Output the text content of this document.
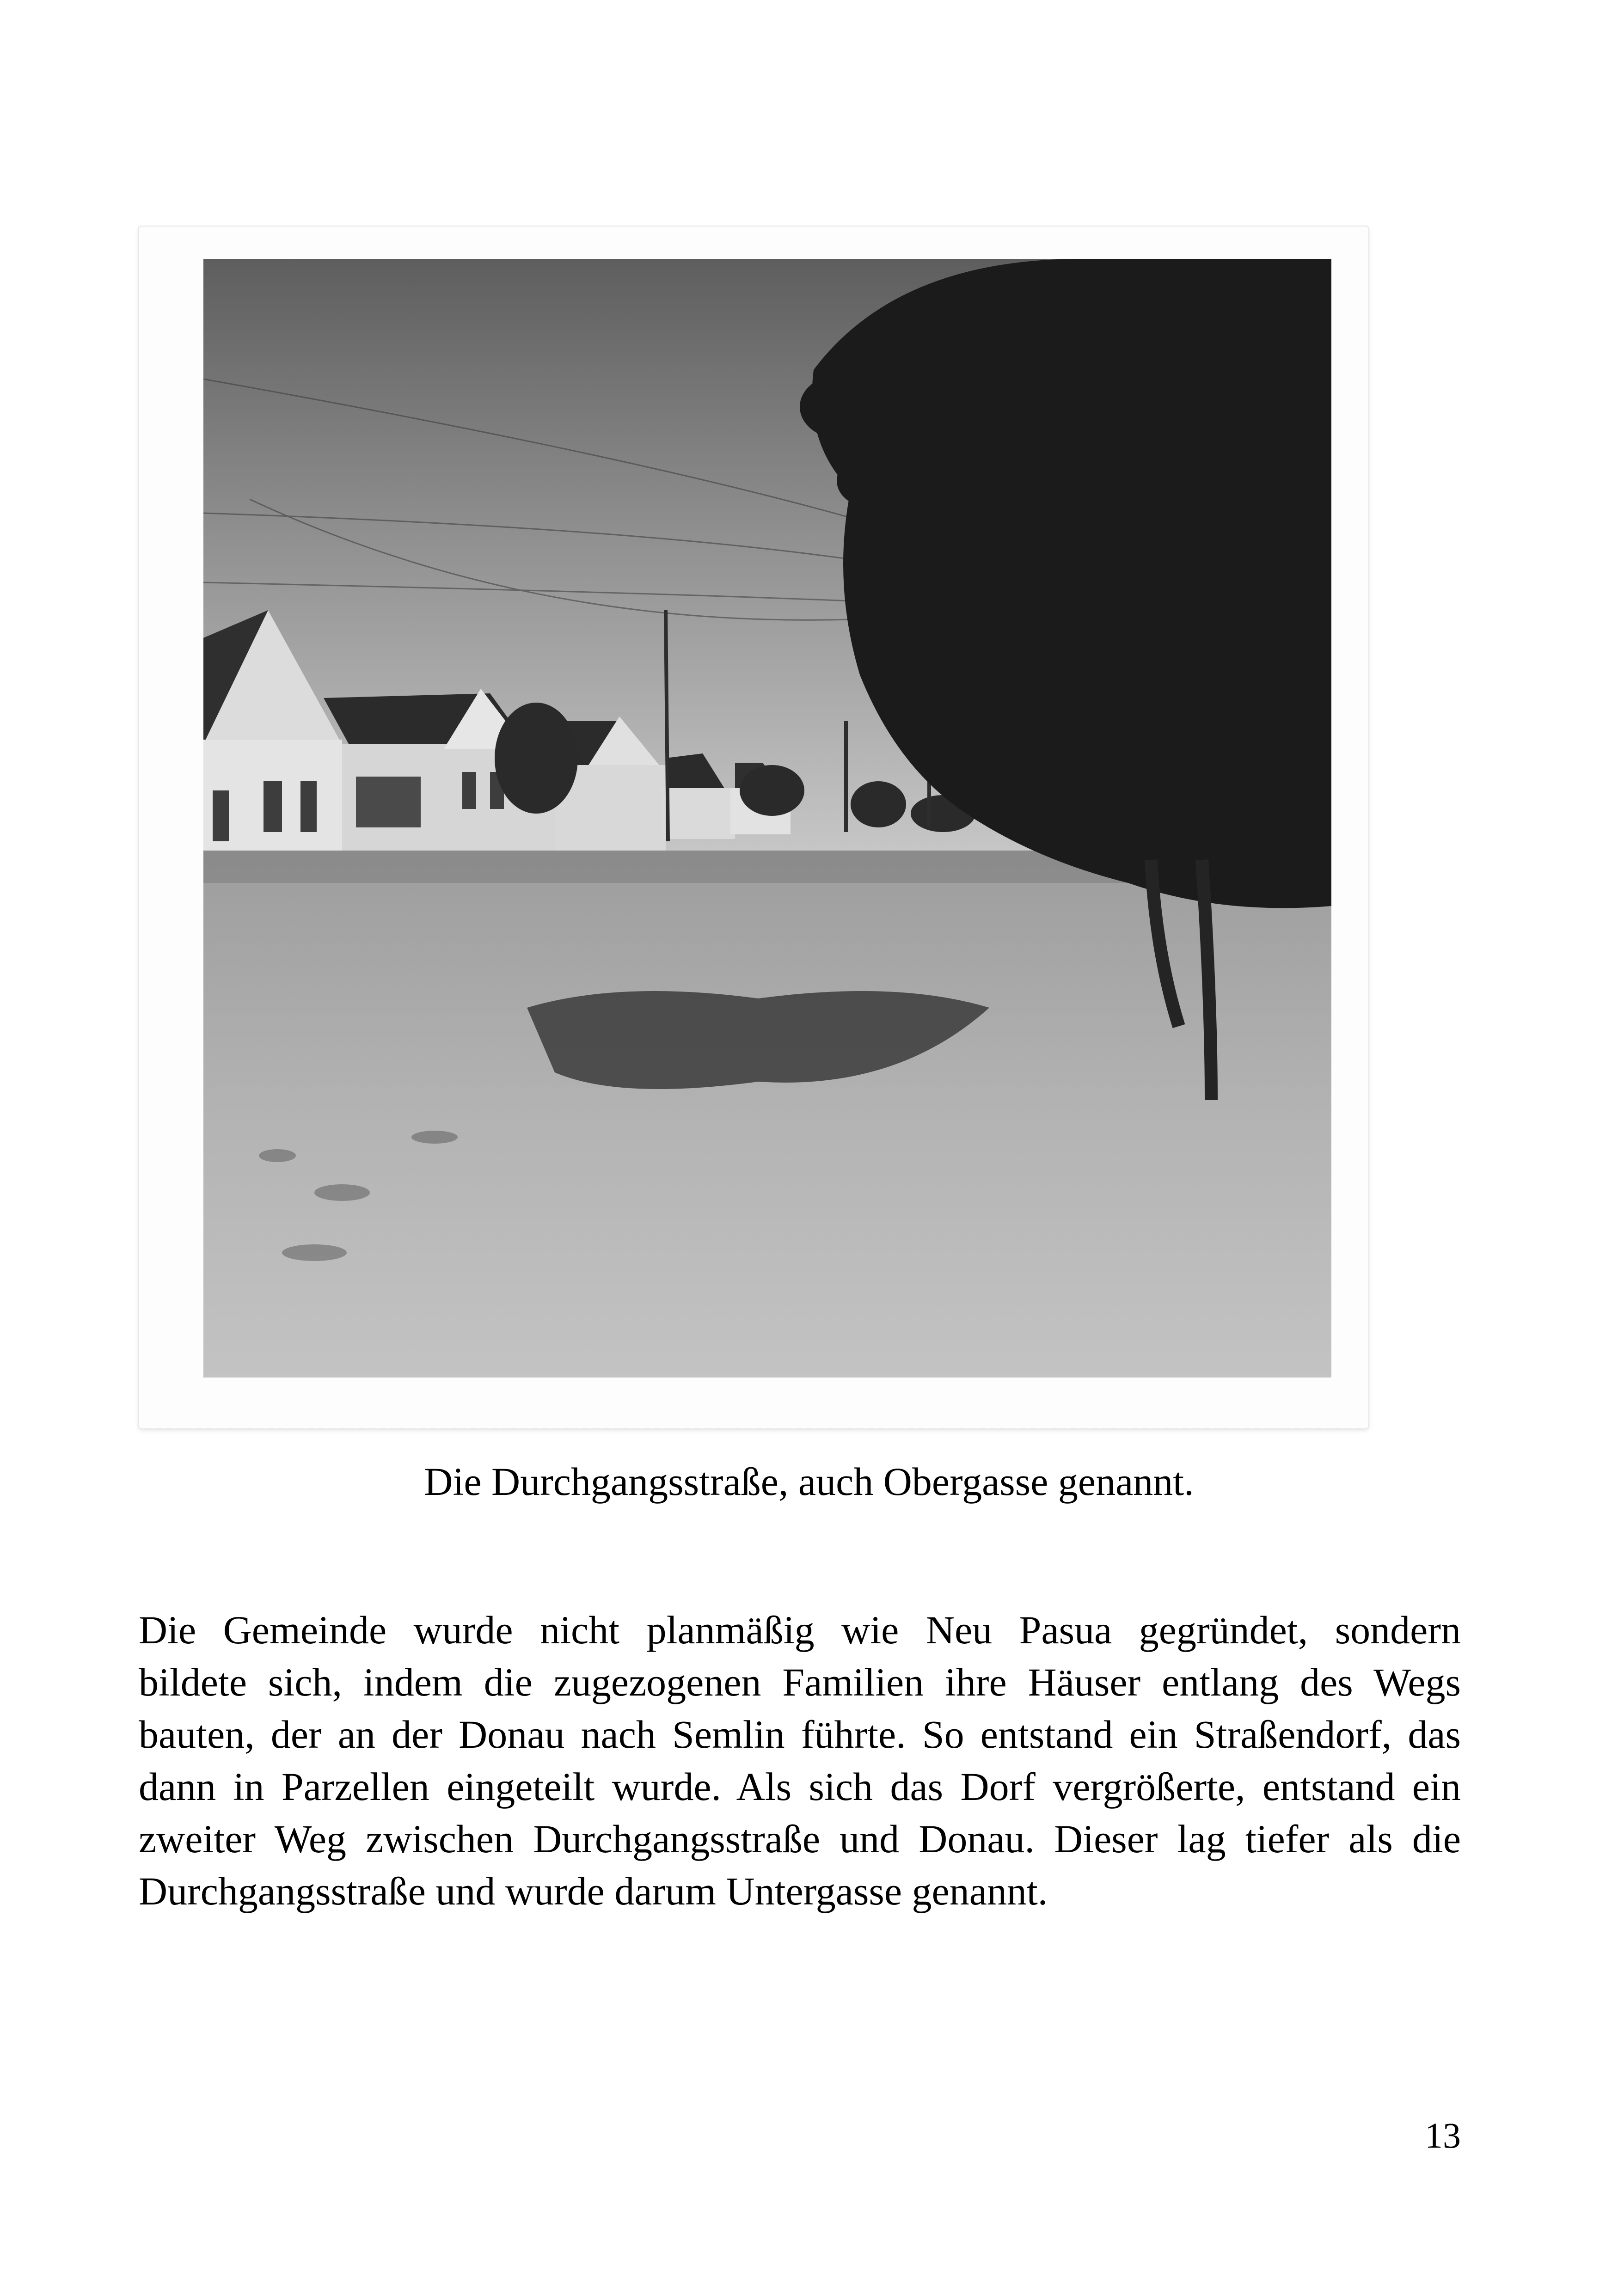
Die Durchgangsstraße, auch Obergasse genannt.
Die Gemeinde wurde nicht planmäßig wie Neu Pasua gegründet, sondern
bildete sich, indem die zugezogenen Familien ihre Häuser entlang des Wegs
bauten, der an der Donau nach Semlin führte. So entstand ein Straßendorf, das
dann in Parzellen eingeteilt wurde. Als sich das Dorf vergrößerte, entstand ein
zweiter Weg zwischen Durchgangsstraße und Donau. Dieser lag tiefer als die
Durchgangsstraße und wurde darum Untergasse genannt.
13
